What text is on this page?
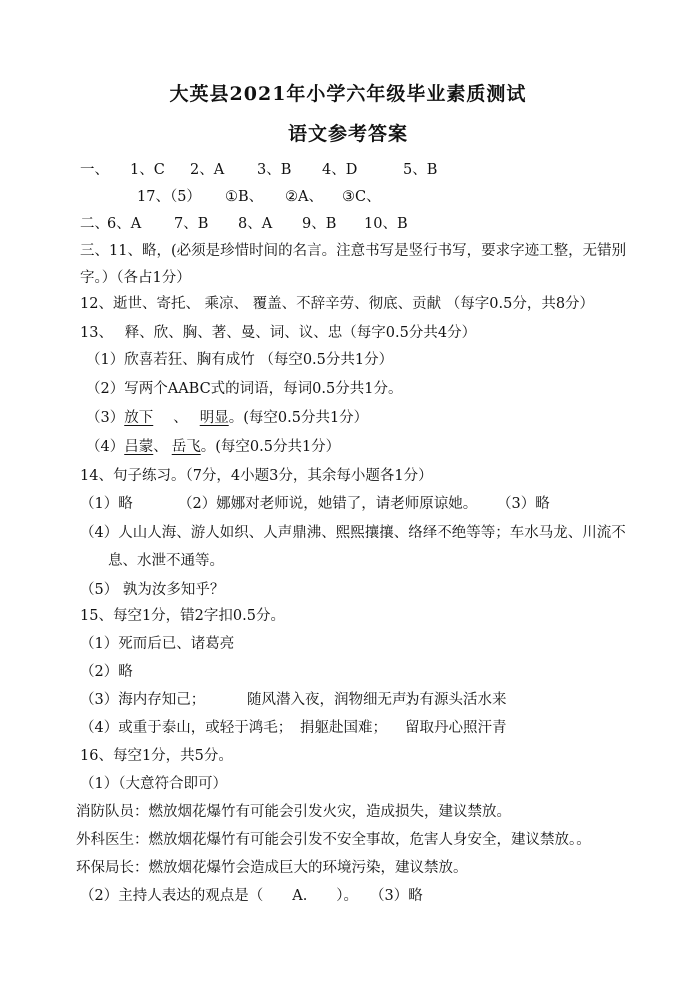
大英县2021年小学六年级毕业素质测试
语文参考答案
一、 1、C 2、A 3、B 4、D	5、B
17、（5） ①B、 ②A、 ③C、
二、
6、A 7、B 8、A 9、B 10、B
三、11、略，(必须是珍惜时间的名言。注意书写是竖行书写，要求字迹工整，无错别
字。）（各占1分）
12、逝世、寄托、 乘凉、 覆盖、不辞辛劳、彻底、贡献 （每字0.5分，共8分）
13、　 释、欣、胸、著、曼、词、议、忠（每字0.5分共4分）
（1）欣喜若狂、胸有成竹 （每空0.5分共1分）
（2）写两个AABC式的词语，每词0.5分共1分。
（3）放下 、 明显。(每空0.5分共1分）
（4）吕蒙、 岳飞。(每空0.5分共1分）
14、句子练习。（7分，4小题3分，其余每小题各1分）
（1）略	（2）娜娜对老师说，她错了，请老师原谅她。 （3）略
（4）人山人海、游人如织、人声鼎沸、熙熙攘攘、络绎不绝等等；车水马龙、川流不
息、水泄不通等。
（5） 孰为汝多知乎？
15、每空1分，错2字扣0.5分。
（1）死而后已、诸葛亮
（2）略
（3）海内存知己；	随风潜入夜，润物细无声；
为有源头活水来
（4）或重于泰山，或轻于鸿毛； 捐躯赴国难； 留取丹心照汗青
16、每空1分，共5分。
（1）（大意符合即可）
消防队员：燃放烟花爆竹有可能会引发火灾，造成损失，建议禁放。
外科医生：燃放烟花爆竹有可能会引发不安全事故，危害人身安全，建议禁放。。
环保局长：燃放烟花爆竹会造成巨大的环境污染，建议禁放。
（2）主持人表达的观点是（　　A.　　）。 （3）略
